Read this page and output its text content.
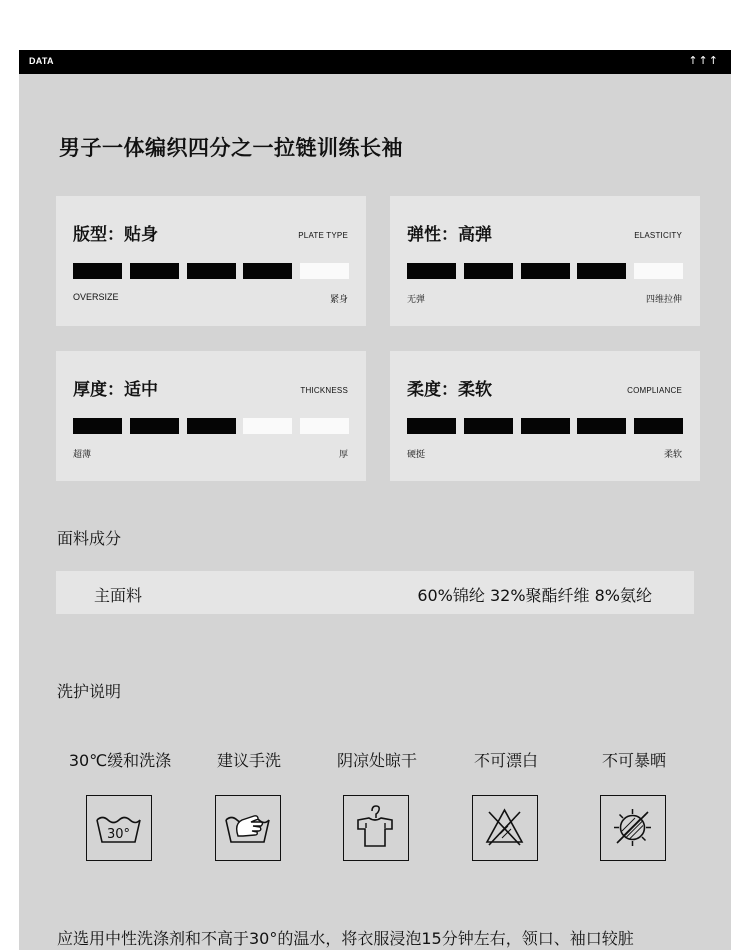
DATA	↑↑↑
男子一体编织四分之一拉链训练长袖
版型：贴身	PLATE TYPE
OVERSIZE	紧身
弹性：高弹	ELASTICITY
无弹	四维拉伸
厚度：适中	THICKNESS
超薄	厚
柔度：柔软	COMPLIANCE
硬挺	柔软
面料成分
主面料	60%锦纶 32%聚酯纤维 8%氨纶
洗护说明
30℃缓和洗涤	建议手洗	阴凉处晾干	不可漂白	不可暴晒
30°
应选用中性洗涤剂和不高于30°的温水，将衣服浸泡15分钟左右，领口、袖口较脏
